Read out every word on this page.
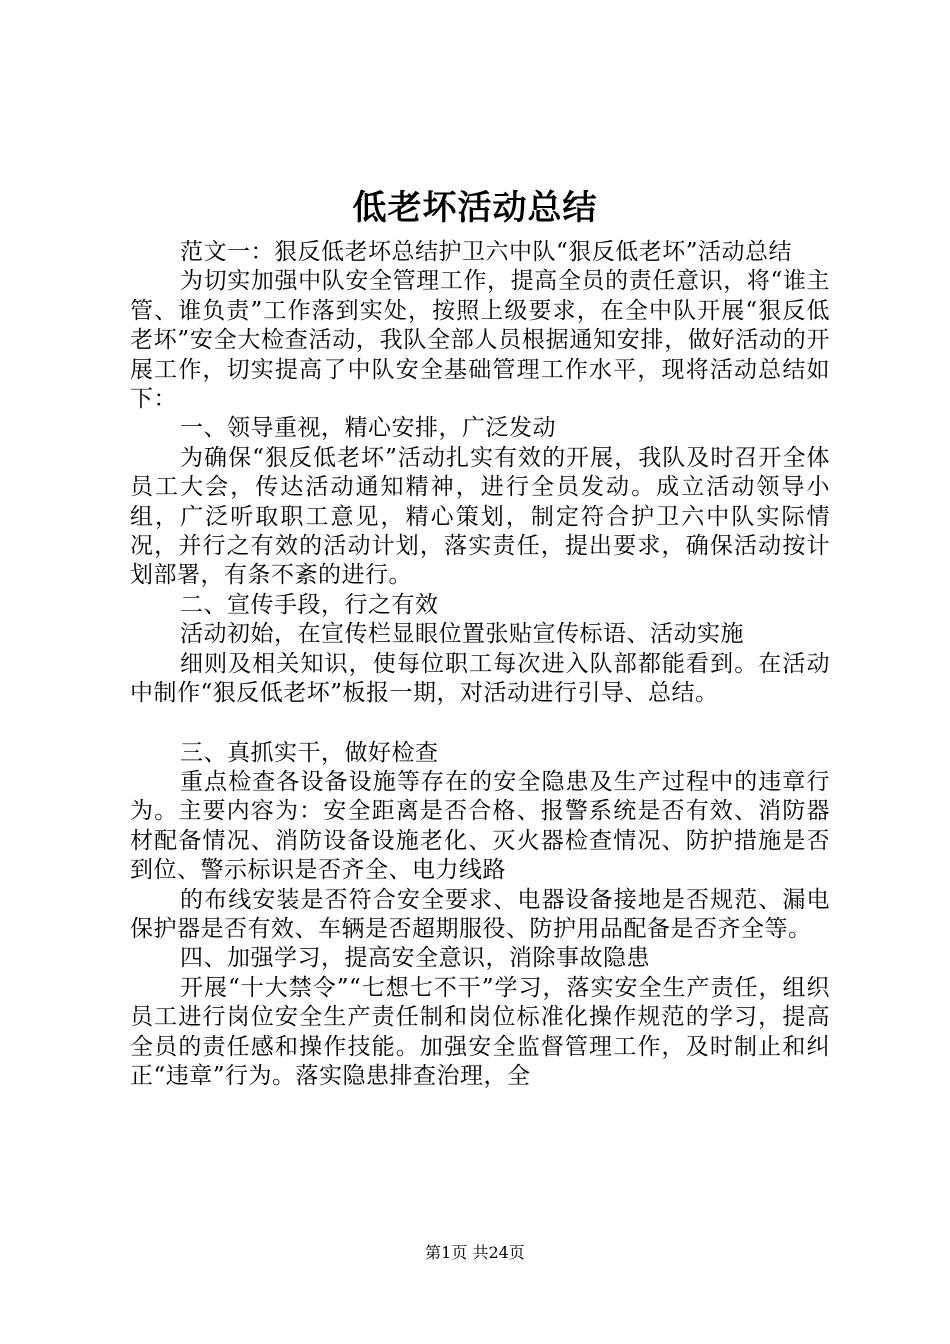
低老坏活动总结

范文一：狠反低老坏总结护卫六中队“狠反低老坏”活动总结

为切实加强中队安全管理工作，提高全员的责任意识，将“谁主管、谁负责”工作落到实处，按照上级要求，在全中队开展“狠反低老坏”安全大检查活动，我队全部人员根据通知安排，做好活动的开展工作，切实提高了中队安全基础管理工作水平，现将活动总结如下：

一、领导重视，精心安排，广泛发动

为确保“狠反低老坏”活动扎实有效的开展，我队及时召开全体员工大会，传达活动通知精神，进行全员发动。成立活动领导小组，广泛听取职工意见，精心策划，制定符合护卫六中队实际情况，并行之有效的活动计划，落实责任，提出要求，确保活动按计划部署，有条不紊的进行。

二、宣传手段，行之有效

活动初始，在宣传栏显眼位置张贴宣传标语、活动实施

细则及相关知识，使每位职工每次进入队部都能看到。在活动中制作“狠反低老坏”板报一期，对活动进行引导、总结。

三、真抓实干，做好检查

重点检查各设备设施等存在的安全隐患及生产过程中的违章行为。主要内容为：安全距离是否合格、报警系统是否有效、消防器材配备情况、消防设备设施老化、灭火器检查情况、防护措施是否到位、警示标识是否齐全、电力线路

的布线安装是否符合安全要求、电器设备接地是否规范、漏电保护器是否有效、车辆是否超期服役、防护用品配备是否齐全等。

四、加强学习，提高安全意识，消除事故隐患

开展“十大禁令”“七想七不干”学习，落实安全生产责任，组织员工进行岗位安全生产责任制和岗位标准化操作规范的学习，提高全员的责任感和操作技能。加强安全监督管理工作，及时制止和纠正“违章”行为。落实隐患排查治理，全

第1页 共24页
